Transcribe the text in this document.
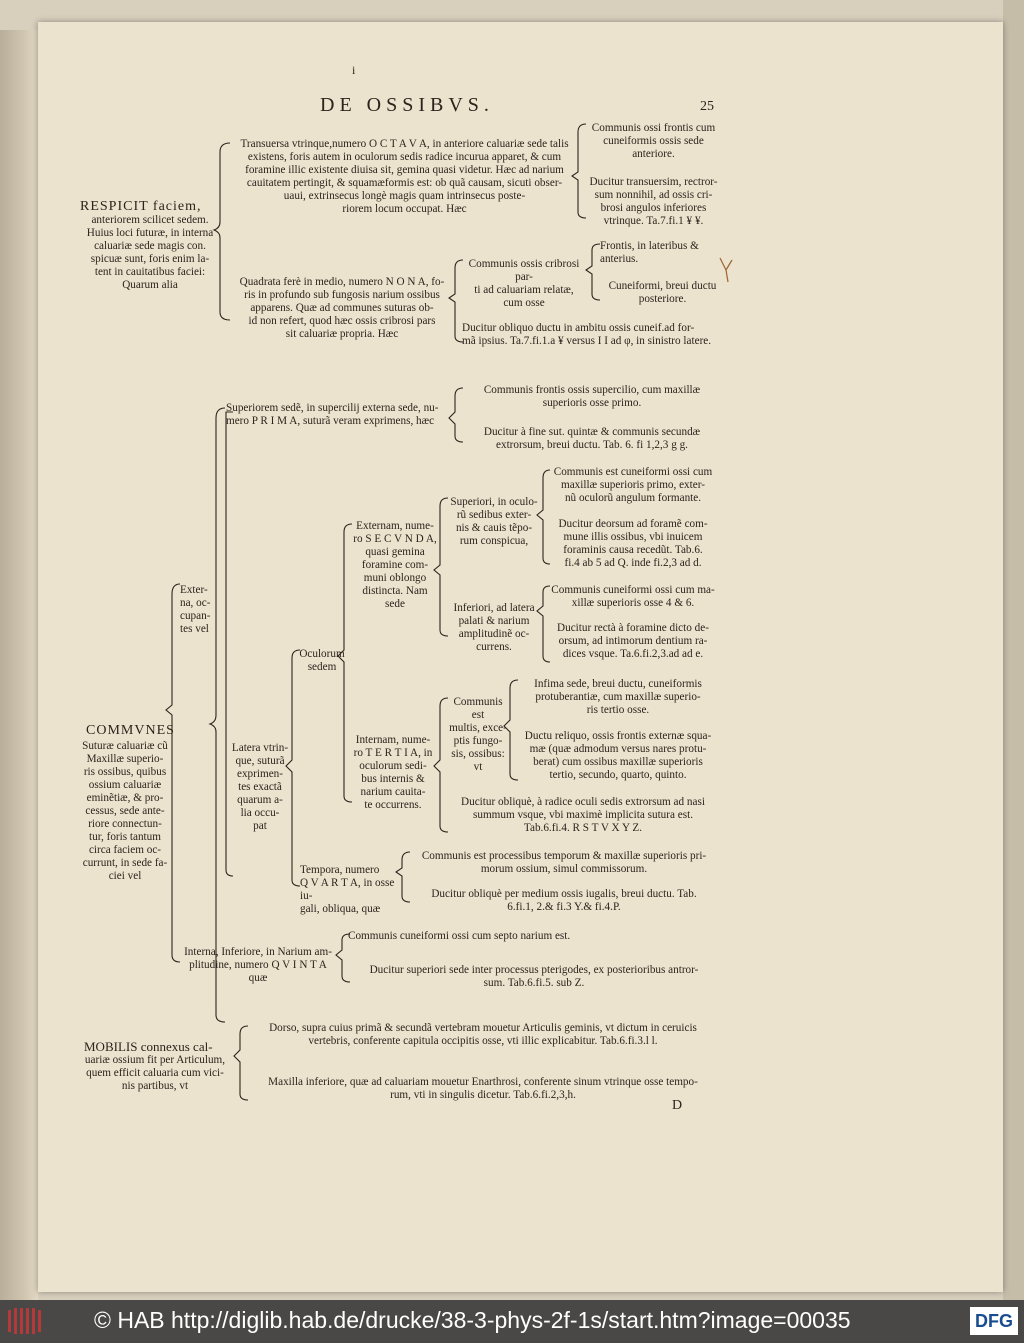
i
DE OSSIBVS.	25
RESPICIT faciem,
anteriorem scilicet sedem.
Huius loci futuræ, in interna caluariæ sede magis con.
spicuæ sunt, foris enim la-
tent in cauitatibus faciei:
Quarum alia
Transuersa vtrinque,numero O C T A V A, in anteriore caluariæ sede talis
existens, foris autem in oculorum sedis radice incurua apparet, & cum
foramine illic existente diuisa sit, gemina quasi videtur. Hæc ad narium
cauitatem pertingit, & squamæformis est: ob quã causam, sicuti obser-
uaui, extrinsecus longè magis quam intrinsecus poste-
riorem locum occupat. Hæc
Communis ossi frontis cum
cuneiformis ossis sede
anteriore.
Ducitur transuersim, rectror-
sum nonnihil, ad ossis cri-
brosi angulos inferiores
vtrinque. Ta.7.fi.1 ¥ ¥.
Quadrata ferè in medio, numero N O N A, fo-
ris in profundo sub fungosis narium ossibus
apparens. Quæ ad communes suturas ob-
id non refert, quod hæc ossis cribrosi pars
sit caluariæ propria. Hæc
Communis ossis cribrosi par-
ti ad caluariam relatæ,
cum osse
Frontis, in lateribus &
anterius.
Cuneiformi, breui ductu
posteriore.
Ducitur obliquo ductu in ambitu ossis cuneif.ad for-
mã ipsius. Ta.7.fi.1.a ¥ versus I I ad φ, in sinistro latere.
COMMVNES
Suturæ caluariæ cũ
Maxillæ superio-
ris ossibus, quibus
ossium caluariæ
eminẽtiæ, & pro-
cessus, sede ante-
riore connectun-
tur, foris tantum
circa faciem oc-
currunt, in sede fa-
ciei vel
Superiorem sedẽ, in supercilij externa sede, nu-
mero P R I M A, suturã veram exprimens, hæc
Communis frontis ossis supercilio, cum maxillæ
superioris osse primo.
Ducitur à fine sut. quintæ & communis secundæ
extrorsum, breui ductu. Tab. 6. fi 1,2,3 g g.
Exter-
na, oc-
cupan-
tes vel
Latera vtrin-
que, suturã
exprimen-
tes exactã
quarum a-
lia occu-
pat
Oculorum
sedem
Externam, nume-
ro S E C V N D A,
quasi gemina
foramine com-
muni oblongo
distincta. Nam
sede
Superiori, in oculo-
rũ sedibus exter-
nis & cauis tẽpo-
rum conspicua,
Communis est cuneiformi ossi cum
maxillæ superioris primo, exter-
nũ oculorũ angulum formante.
Ducitur deorsum ad foramẽ com-
mune illis ossibus, vbi inuicem
foraminis causa recedũt. Tab.6.
fi.4 ab 5 ad Q. inde fi.2,3 ad d.
Inferiori, ad latera
palati & narium
amplitudinẽ oc-
currens.
Communis cuneiformi ossi cum ma-
xillæ superioris osse 4 & 6.
Ducitur rectà à foramine dicto de-
orsum, ad intimorum dentium ra-
dices vsque. Ta.6.fi.2,3.ad ad e.
Internam, nume-
ro T E R T I A, in
oculorum sedi-
bus internis &
narium cauita-
te occurrens.
Communis est
multis, exce-
ptis fungo-
sis, ossibus:
vt
Infima sede, breui ductu, cuneiformis
protuberantiæ, cum maxillæ superio-
ris tertio osse.
Ductu reliquo, ossis frontis externæ squa-
mæ (quæ admodum versus nares protu-
berat) cum ossibus maxillæ superioris
tertio, secundo, quarto, quinto.
Ducitur obliquè, à radice oculi sedis extrorsum ad nasi
summum vsque, vbi maximè implicita sutura est.
Tab.6.fi.4. R S T V X Y Z.
Tempora, numero
Q V A R T A, in osse iu-
gali, obliqua, quæ
Communis est processibus temporum & maxillæ superioris pri-
morum ossium, simul commissorum.
Ducitur obliquè per medium ossis iugalis, breui ductu. Tab.
6.fi.1, 2.& fi.3 Y.& fi.4.P.
Interna, Inferiore, in Narium am-
plitudine, numero Q V I N T A
quæ
Communis cuneiformi ossi cum septo narium est.
Ducitur superiori sede inter processus pterigodes, ex posterioribus antror-
sum. Tab.6.fi.5. sub Z.
MOBILIS connexus cal-
uariæ ossium fit per Articulum,
quem efficit caluaria cum vici-
nis partibus, vt
Dorso, supra cuius primã & secundã vertebram mouetur Articulis geminis, vt dictum in ceruicis
vertebris, conferente capitula occipitis osse, vti illic explicabitur. Tab.6.fi.3.l l.
Maxilla inferiore, quæ ad caluariam mouetur Enarthrosi, conferente sinum vtrinque osse tempo-
rum, vti in singulis dicetur. Tab.6.fi.2,3,h.
D
© HAB http://diglib.hab.de/drucke/38-3-phys-2f-1s/start.htm?image=00035	DFG
